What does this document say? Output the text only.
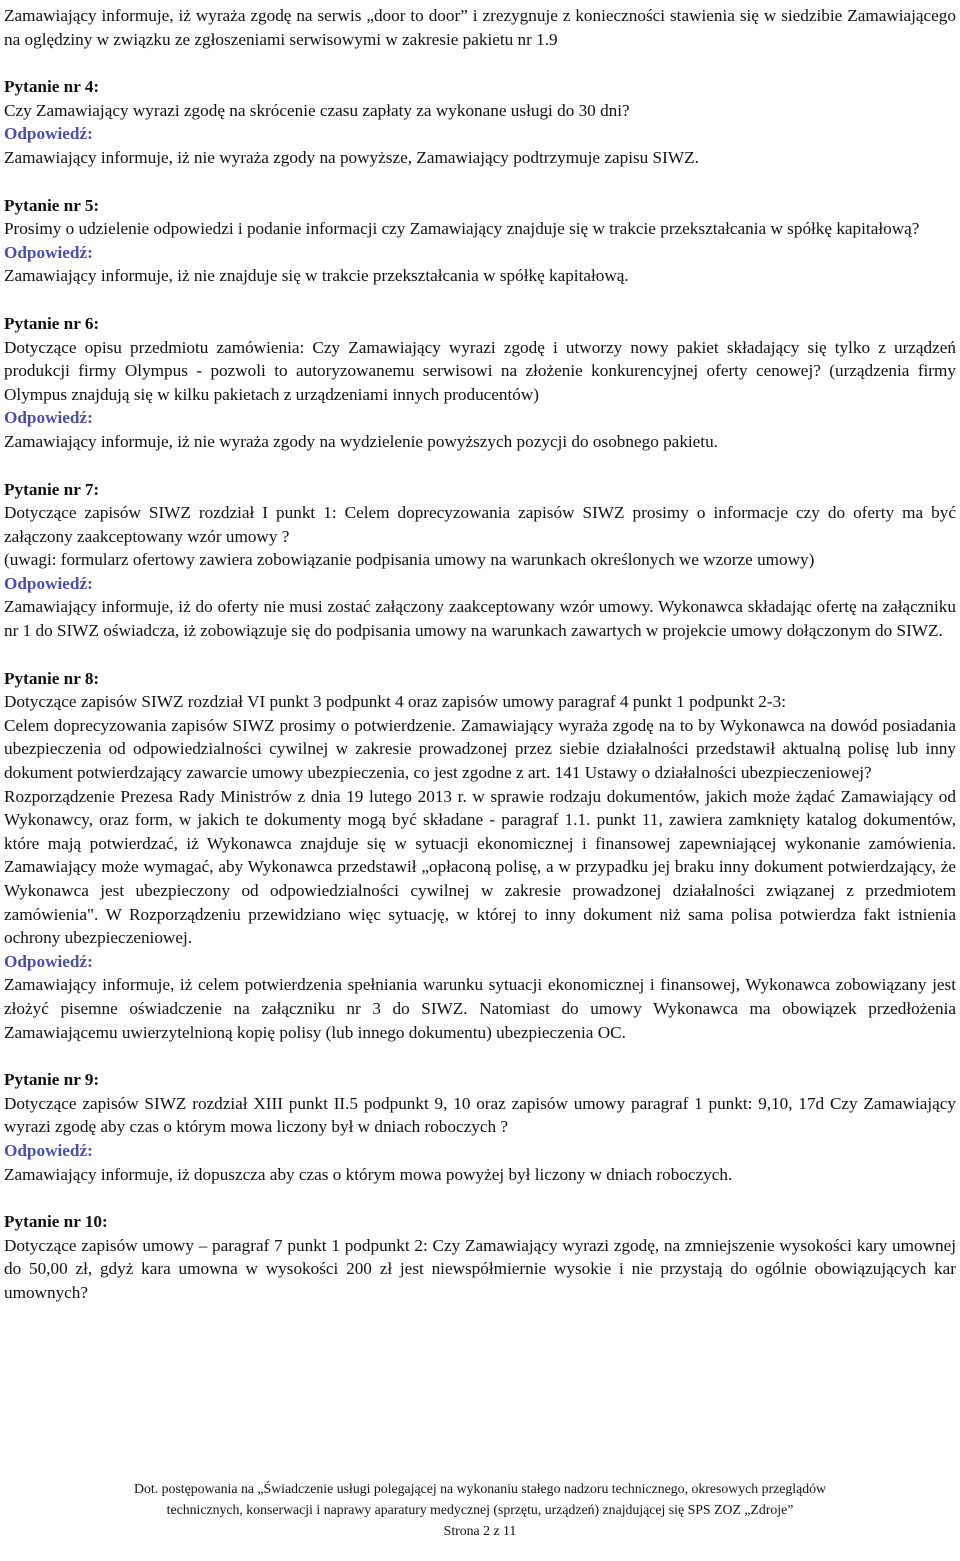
Zamawiający informuje, iż wyraża zgodę na serwis „door to door” i zrezygnuje z konieczności stawienia się w siedzibie Zamawiającego na oględziny w związku ze zgłoszeniami serwisowymi w zakresie pakietu nr 1.9

Pytanie nr 4:

Czy Zamawiający wyrazi zgodę na skrócenie czasu zapłaty za wykonane usługi do 30 dni?

Odpowiedź:

Zamawiający informuje, iż nie wyraża zgody na powyższe, Zamawiający podtrzymuje zapisu SIWZ.

Pytanie nr 5:

Prosimy o udzielenie odpowiedzi i podanie informacji czy Zamawiający znajduje się w trakcie przekształcania w spółkę kapitałową?

Odpowiedź:

Zamawiający informuje, iż nie znajduje się w trakcie przekształcania w spółkę kapitałową.

Pytanie nr 6:

Dotyczące opisu przedmiotu zamówienia: Czy Zamawiający wyrazi zgodę i utworzy nowy pakiet składający się tylko z urządzeń produkcji firmy Olympus - pozwoli to autoryzowanemu serwisowi na złożenie konkurencyjnej oferty cenowej? (urządzenia firmy Olympus znajdują się w kilku pakietach z urządzeniami innych producentów)

Odpowiedź:

Zamawiający informuje, iż nie wyraża zgody na wydzielenie powyższych pozycji do osobnego pakietu.

Pytanie nr 7:

Dotyczące zapisów SIWZ rozdział I punkt 1: Celem doprecyzowania zapisów SIWZ prosimy o informacje czy do oferty ma być załączony zaakceptowany wzór umowy ?

(uwagi: formularz ofertowy zawiera zobowiązanie podpisania umowy na warunkach określonych we wzorze umowy)

Odpowiedź:

Zamawiający informuje, iż do oferty nie musi zostać załączony zaakceptowany wzór umowy. Wykonawca składając ofertę na załączniku nr 1 do SIWZ oświadcza, iż zobowiązuje się do podpisania umowy na warunkach zawartych w projekcie umowy dołączonym do SIWZ.

Pytanie nr 8:

Dotyczące zapisów SIWZ rozdział VI punkt 3 podpunkt 4 oraz zapisów umowy paragraf 4 punkt 1 podpunkt 2-3:

Celem doprecyzowania zapisów SIWZ prosimy o potwierdzenie. Zamawiający wyraża zgodę na to by Wykonawca na dowód posiadania ubezpieczenia od odpowiedzialności cywilnej w zakresie prowadzonej przez siebie działalności przedstawił aktualną polisę lub inny dokument potwierdzający zawarcie umowy ubezpieczenia, co jest zgodne z art. 141 Ustawy o działalności ubezpieczeniowej?

Rozporządzenie Prezesa Rady Ministrów z dnia 19 lutego 2013 r. w sprawie rodzaju dokumentów, jakich może żądać Zamawiający od Wykonawcy, oraz form, w jakich te dokumenty mogą być składane - paragraf 1.1. punkt 11, zawiera zamknięty katalog dokumentów, które mają potwierdzać, iż Wykonawca znajduje się w sytuacji ekonomicznej i finansowej zapewniającej wykonanie zamówienia. Zamawiający może wymagać, aby Wykonawca przedstawił „opłaconą polisę, a w przypadku jej braku inny dokument potwierdzający, że Wykonawca jest ubezpieczony od odpowiedzialności cywilnej w zakresie prowadzonej działalności związanej z przedmiotem zamówienia". W Rozporządzeniu przewidziano więc sytuację, w której to inny dokument niż sama polisa potwierdza fakt istnienia ochrony ubezpieczeniowej.

Odpowiedź:

Zamawiający informuje, iż celem potwierdzenia spełniania warunku sytuacji ekonomicznej i finansowej, Wykonawca zobowiązany jest złożyć pisemne oświadczenie na załączniku nr 3 do SIWZ. Natomiast do umowy Wykonawca ma obowiązek przedłożenia Zamawiającemu uwierzytelnioną kopię polisy (lub innego dokumentu) ubezpieczenia OC.

Pytanie nr 9:

Dotyczące zapisów SIWZ rozdział XIII punkt II.5 podpunkt 9, 10 oraz zapisów umowy paragraf 1 punkt: 9,10, 17d Czy Zamawiający wyrazi zgodę aby czas o którym mowa liczony był w dniach roboczych ?

Odpowiedź:

Zamawiający informuje, iż dopuszcza aby czas o którym mowa powyżej był liczony w dniach roboczych.

Pytanie nr 10:

Dotyczące zapisów umowy – paragraf 7 punkt 1 podpunkt 2: Czy Zamawiający wyrazi zgodę, na zmniejszenie wysokości kary umownej do 50,00 zł, gdyż kara umowna w wysokości 200 zł jest niewspółmiernie wysokie i nie przystają do ogólnie obowiązujących kar umownych?

Dot. postępowania na „Świadczenie usługi polegającej na wykonaniu stałego nadzoru technicznego, okresowych przeglądów
technicznych, konserwacji i naprawy aparatury medycznej (sprzętu, urządzeń) znajdującej się SPS ZOZ „Zdroje”
Strona 2 z 11
